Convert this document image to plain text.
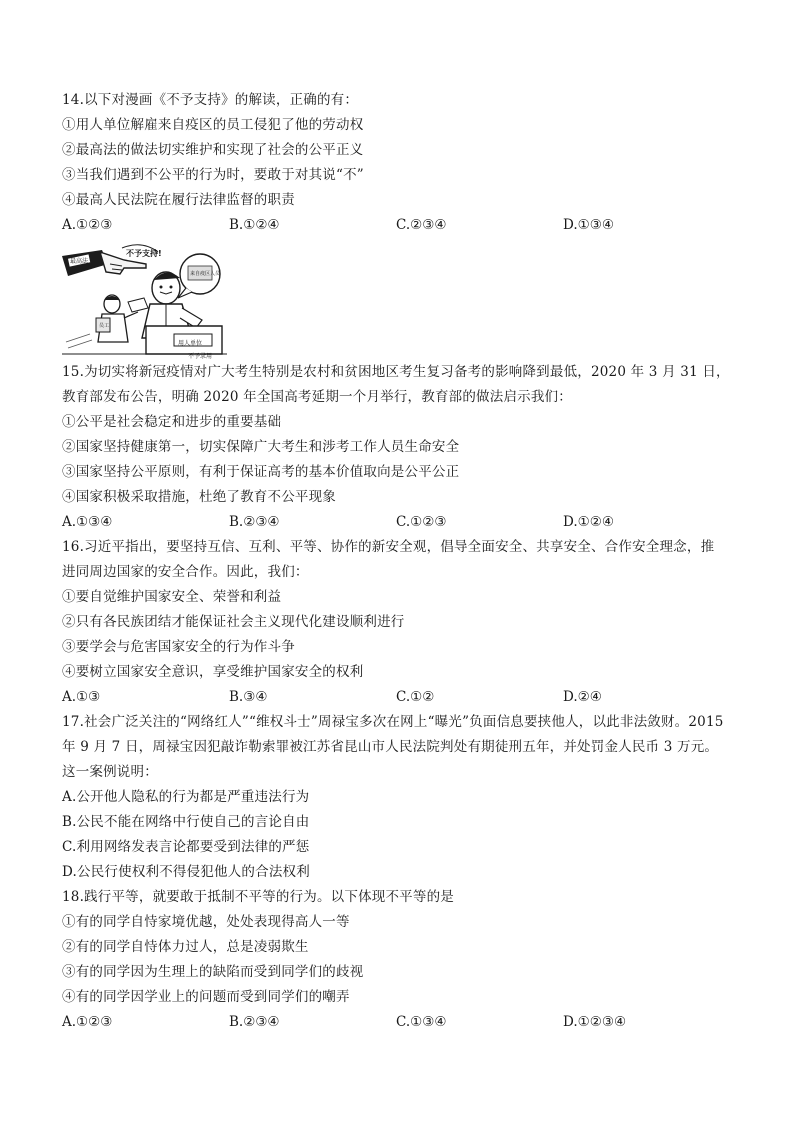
14.以下对漫画《不予支持》的解读，正确的有：
①用人单位解雇来自疫区的员工侵犯了他的劳动权
②最高法的做法切实维护和实现了社会的公平正义
③当我们遇到不公平的行为时，要敢于对其说“不”
④最高人民法院在履行法律监督的职责
A.①②③	B.①②④	C.②③④	D.①③④
不予支持!
最高法
来自疫区人员
用人单位
员工
不予录用
15.为切实将新冠疫情对广大考生特别是农村和贫困地区考生复习备考的影响降到最低，2020 年 3 月 31 日，
教育部发布公告，明确 2020 年全国高考延期一个月举行，教育部的做法启示我们：
①公平是社会稳定和进步的重要基础
②国家坚持健康第一，切实保障广大考生和涉考工作人员生命安全
③国家坚持公平原则，有利于保证高考的基本价值取向是公平公正
④国家积极采取措施，杜绝了教育不公平现象
A.①③④	B.②③④	C.①②③	D.①②④
16.习近平指出，要坚持互信、互利、平等、协作的新安全观，倡导全面安全、共享安全、合作安全理念，推
进同周边国家的安全合作。因此，我们：
①要自觉维护国家安全、荣誉和利益
②只有各民族团结才能保证社会主义现代化建设顺利进行
③要学会与危害国家安全的行为作斗争
④要树立国家安全意识，享受维护国家安全的权利
A.①③	B.③④	C.①②	D.②④
17.社会广泛关注的“网络红人”“维权斗士”周禄宝多次在网上“曝光”负面信息要挟他人，以此非法敛财。2015
年 9 月 7 日，周禄宝因犯敲诈勒索罪被江苏省昆山市人民法院判处有期徒刑五年，并处罚金人民币 3 万元。
这一案例说明：
A.公开他人隐私的行为都是严重违法行为
B.公民不能在网络中行使自己的言论自由
C.利用网络发表言论都要受到法律的严惩
D.公民行使权利不得侵犯他人的合法权利
18.践行平等，就要敢于抵制不平等的行为。以下体现不平等的是
①有的同学自恃家境优越，处处表现得高人一等
②有的同学自恃体力过人，总是凌弱欺生
③有的同学因为生理上的缺陷而受到同学们的歧视
④有的同学因学业上的问题而受到同学们的嘲弄
A.①②③	B.②③④	C.①③④	D.①②③④
